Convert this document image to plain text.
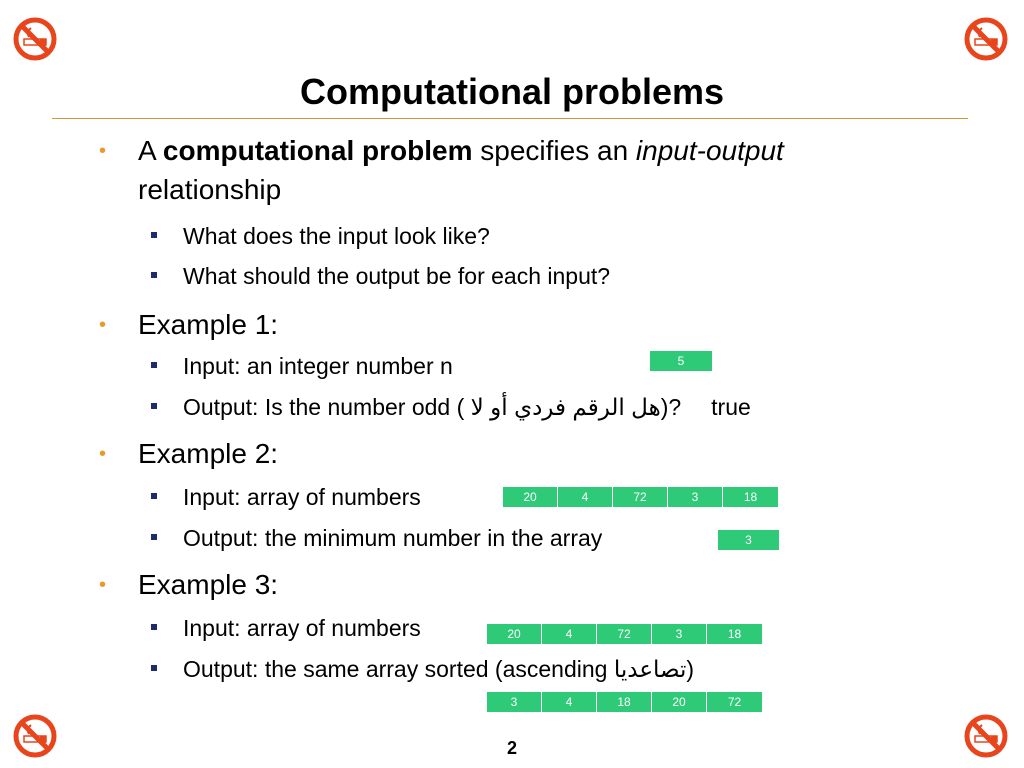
Computational problems
• A computational problem specifies an input-output
relationship
What does the input look like?
What should the output be for each input?
• Example 1:
Input: an integer number n	5
Output: Is the number odd ( هل الرقم فردي أو لا)? true
• Example 2:
Input: array of numbers	20	4	72	3	18
Output: the minimum number in the array	3
• Example 3:
Input: array of numbers	20	4	72	3	18
Output: the same array sorted (ascending تصاعديا)
3	4	18	20	72
2
